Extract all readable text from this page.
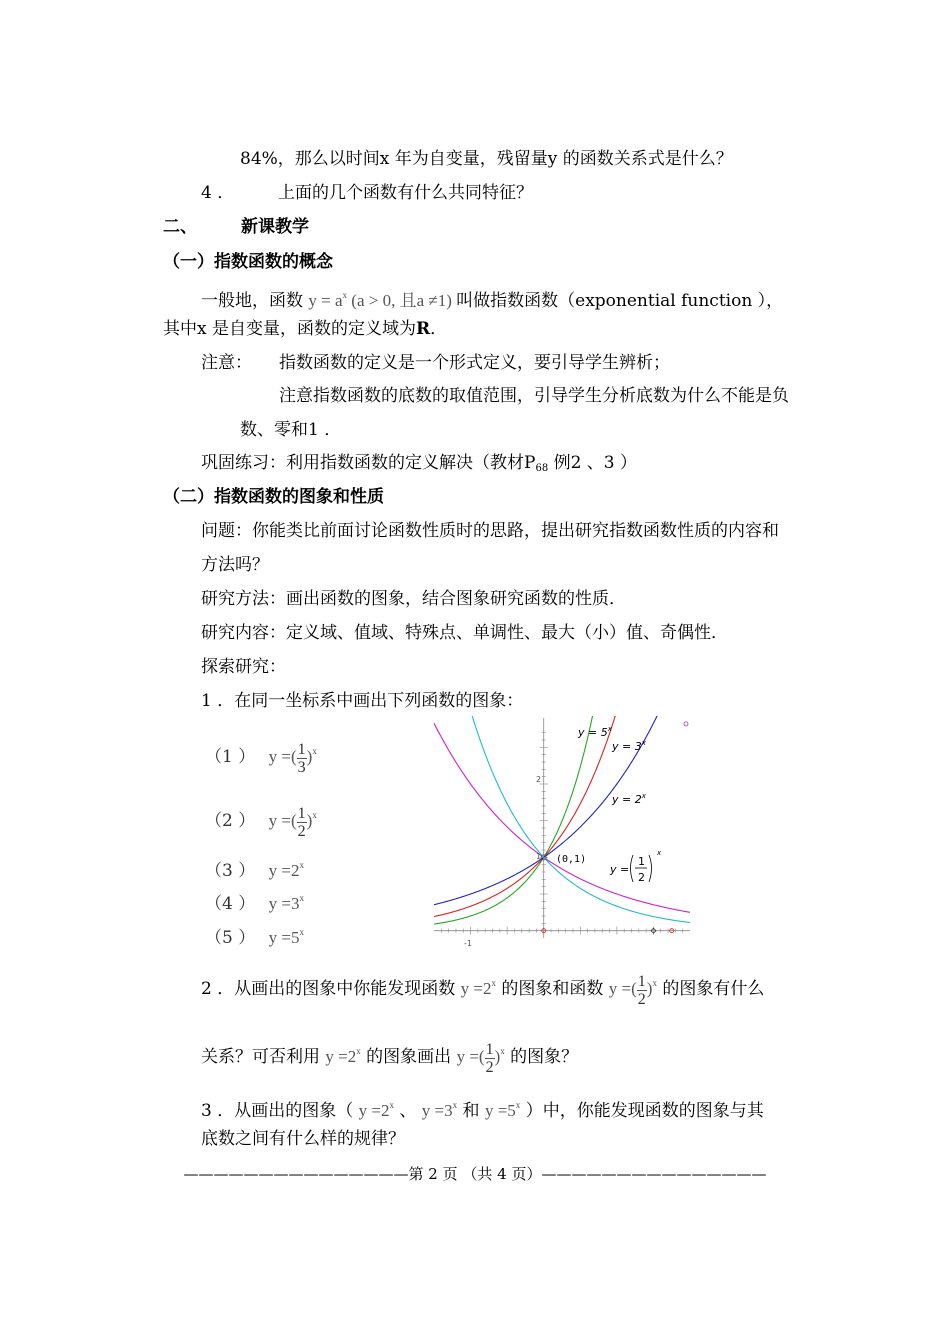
84%，那么以时间x 年为自变量，残留量y 的函数关系式是什么？
4 ．	上面的几个函数有什么共同特征？
二、	新课教学
（一）指数函数的概念
一般地，函数 $y = a^x$ (a > 0, 且a ≠1) 叫做指数函数（exponential function ），
其中x 是自变量，函数的定义域为R．
注意： 指数函数的定义是一个形式定义，要引导学生辨析；
注意指数函数的底数的取值范围，引导学生分析底数为什么不能是负
数、零和1 ．
巩固练习：利用指数函数的定义解决（教材$P_{68}$ 例2 、3 ）
（二）指数函数的图象和性质
问题：你能类比前面讨论函数性质时的思路，提出研究指数函数性质的内容和
方法吗？
研究方法：画出函数的图象，结合图象研究函数的性质．
研究内容：定义域、值域、特殊点、单调性、最大（小）值、奇偶性．
探索研究：
1 ．在同一坐标系中画出下列函数的图象：
（1 ） y =( $\frac{1}{3} )^x$
（2 ） y =( $\frac{1}{2} )^x$
（3 ） $y =2^x$
（4 ） $y =3^x$
（5 ） $y =5^x$
$y = 5^x$
$y = 3^x$
$y = 2^x$
y =
1
2
x
(0,1)
2
1
-1
2 ．从画出的图象中你能发现函数 $y =2^x$ 的图象和函数 y =( $\frac{1}{2} )^x$ 的图象有什么
关系？可否利用 $y =2^x$ 的图象画出 y =( $\frac{1}{2} )^x$ 的图象？
3 ．从画出的图象（ $y =2^x$ 、 $y =3^x$ 和 $y =5^x$ ）中，你能发现函数的图象与其
底数之间有什么样的规律？
———————————————第 2 页 （共 4 页）———————————————
